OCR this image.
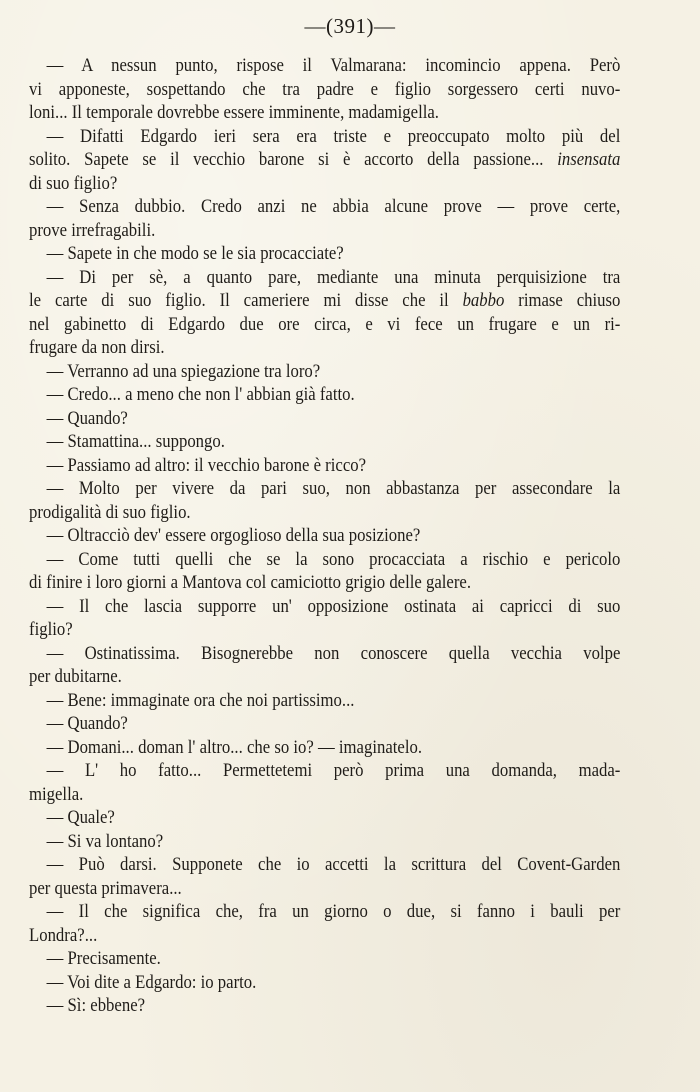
—(391)—
— A nessun punto, rispose il Valmarana: incomincio appena. Però
vi apponeste, sospettando che tra padre e figlio sorgessero certi nuvo-
loni... Il temporale dovrebbe essere imminente, madamigella.
— Difatti Edgardo ieri sera era triste e preoccupato molto più del
solito. Sapete se il vecchio barone si è accorto della passione... insensata
di suo figlio?
— Senza dubbio. Credo anzi ne abbia alcune prove — prove certe,
prove irrefragabili.
— Sapete in che modo se le sia procacciate?
— Di per sè, a quanto pare, mediante una minuta perquisizione tra
le carte di suo figlio. Il cameriere mi disse che il babbo rimase chiuso
nel gabinetto di Edgardo due ore circa, e vi fece un frugare e un ri-
frugare da non dirsi.
— Verranno ad una spiegazione tra loro?
— Credo... a meno che non l' abbian già fatto.
— Quando?
— Stamattina... suppongo.
— Passiamo ad altro: il vecchio barone è ricco?
— Molto per vivere da pari suo, non abbastanza per assecondare la
prodigalità di suo figlio.
— Oltracciò dev' essere orgoglioso della sua posizione?
— Come tutti quelli che se la sono procacciata a rischio e pericolo
di finire i loro giorni a Mantova col camiciotto grigio delle galere.
— Il che lascia supporre un' opposizione ostinata ai capricci di suo
figlio?
— Ostinatissima. Bisognerebbe non conoscere quella vecchia volpe
per dubitarne.
— Bene: immaginate ora che noi partissimo...
— Quando?
— Domani... doman l' altro... che so io? — imaginatelo.
— L' ho fatto... Permettetemi però prima una domanda, mada-
migella.
— Quale?
— Si va lontano?
— Può darsi. Supponete che io accetti la scrittura del Covent-Garden
per questa primavera...
— Il che significa che, fra un giorno o due, si fanno i bauli per
Londra?...
— Precisamente.
— Voi dite a Edgardo: io parto.
— Sì: ebbene?
